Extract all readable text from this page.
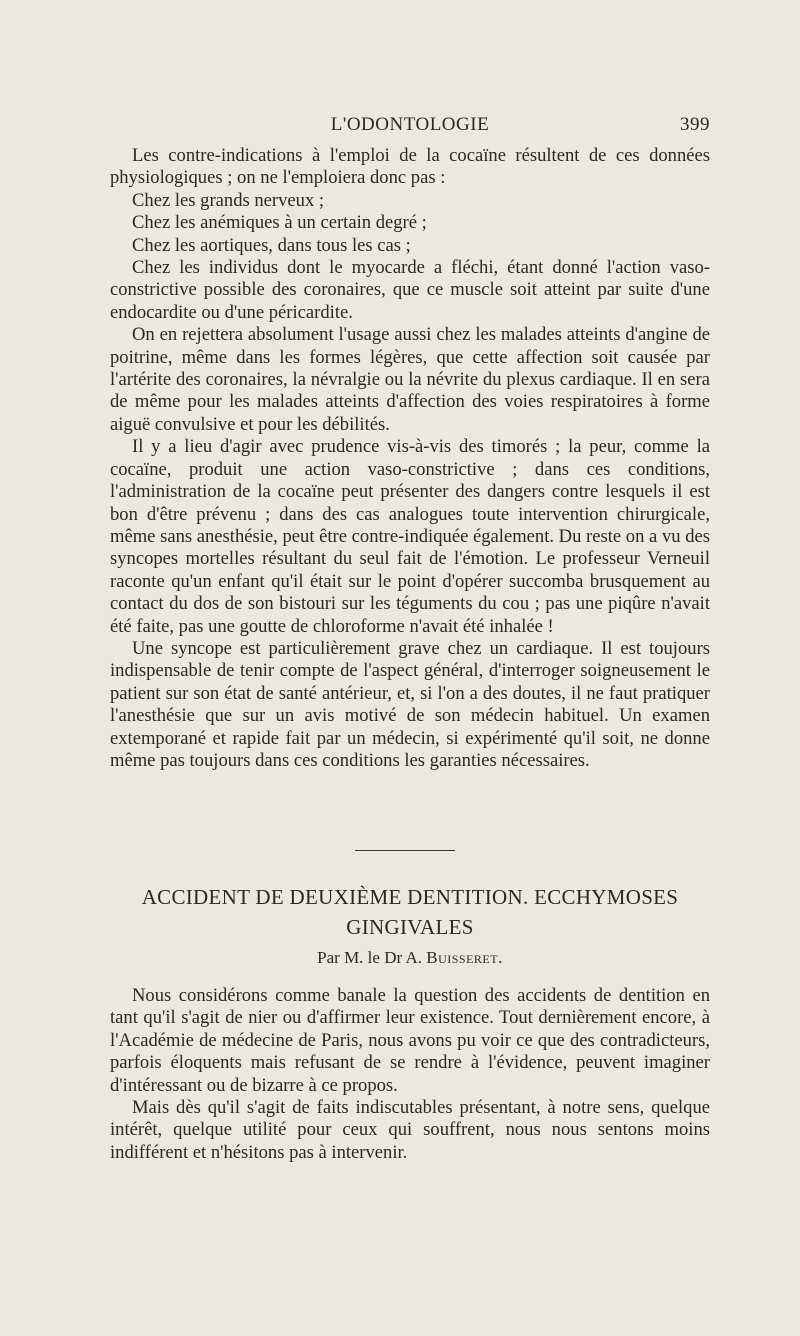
L'ODONTOLOGIE	399

Les contre-indications à l'emploi de la cocaïne résultent de ces données physiologiques ; on ne l'emploiera donc pas :

Chez les grands nerveux ;

Chez les anémiques à un certain degré ;

Chez les aortiques, dans tous les cas ;

Chez les individus dont le myocarde a fléchi, étant donné l'action vaso-constrictive possible des coronaires, que ce muscle soit atteint par suite d'une endocardite ou d'une péricardite.

On en rejettera absolument l'usage aussi chez les malades atteints d'angine de poitrine, même dans les formes légères, que cette affection soit causée par l'artérite des coronaires, la névralgie ou la névrite du plexus cardiaque. Il en sera de même pour les malades atteints d'affection des voies respiratoires à forme aiguë convulsive et pour les débilités.

Il y a lieu d'agir avec prudence vis-à-vis des timorés ; la peur, comme la cocaïne, produit une action vaso-constrictive ; dans ces conditions, l'administration de la cocaïne peut présenter des dangers contre lesquels il est bon d'être prévenu ; dans des cas analogues toute intervention chirurgicale, même sans anesthésie, peut être contre-indiquée également. Du reste on a vu des syncopes mortelles résultant du seul fait de l'émotion. Le professeur Verneuil raconte qu'un enfant qu'il était sur le point d'opérer succomba brusquement au contact du dos de son bistouri sur les téguments du cou ; pas une piqûre n'avait été faite, pas une goutte de chloroforme n'avait été inhalée !

Une syncope est particulièrement grave chez un cardiaque. Il est toujours indispensable de tenir compte de l'aspect général, d'interroger soigneusement le patient sur son état de santé antérieur, et, si l'on a des doutes, il ne faut pratiquer l'anesthésie que sur un avis motivé de son médecin habituel. Un examen extemporané et rapide fait par un médecin, si expérimenté qu'il soit, ne donne même pas toujours dans ces conditions les garanties nécessaires.

ACCIDENT DE DEUXIÈME DENTITION. ECCHYMOSES
GINGIVALES
Par M. le Dr A. Buisseret.

Nous considérons comme banale la question des accidents de dentition en tant qu'il s'agit de nier ou d'affirmer leur existence. Tout dernièrement encore, à l'Académie de médecine de Paris, nous avons pu voir ce que des contradicteurs, parfois éloquents mais refusant de se rendre à l'évidence, peuvent imaginer d'intéressant ou de bizarre à ce propos.

Mais dès qu'il s'agit de faits indiscutables présentant, à notre sens, quelque intérêt, quelque utilité pour ceux qui souffrent, nous nous sentons moins indifférent et n'hésitons pas à intervenir.
